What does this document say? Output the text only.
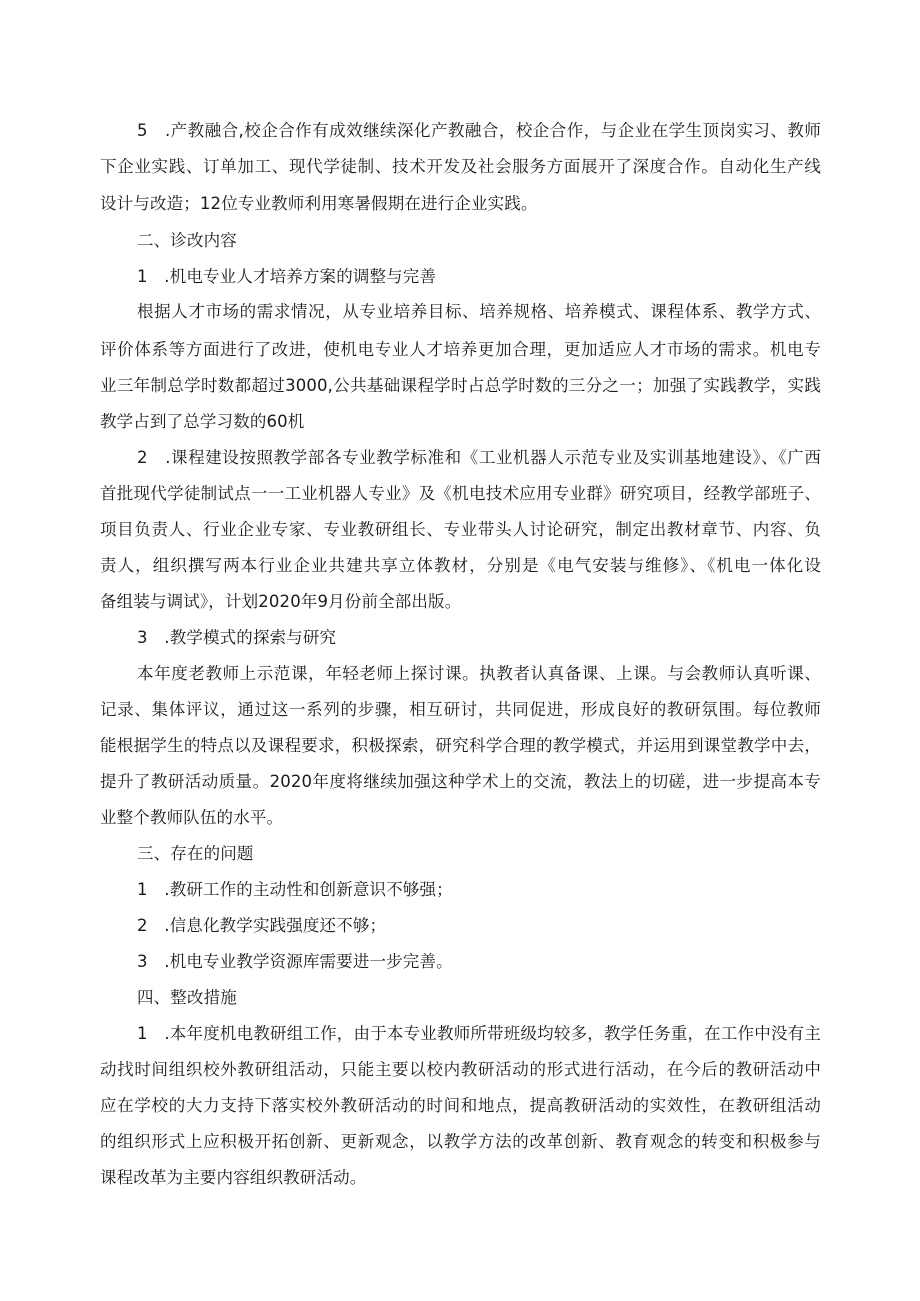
5　.产教融合,校企合作有成效继续深化产教融合，校企合作，与企业在学生顶岗实习、教师
下企业实践、订单加工、现代学徒制、技术开发及社会服务方面展开了深度合作。自动化生产线
设计与改造；12位专业教师利用寒暑假期在进行企业实践。
二、诊改内容
1　.机电专业人才培养方案的调整与完善
根据人才市场的需求情况，从专业培养目标、培养规格、培养模式、课程体系、教学方式、
评价体系等方面进行了改进，使机电专业人才培养更加合理，更加适应人才市场的需求。机电专
业三年制总学时数都超过3000,公共基础课程学时占总学时数的三分之一；加强了实践教学，实践
教学占到了总学习数的60机
2　.课程建设按照教学部各专业教学标准和《工业机器人示范专业及实训基地建设》、《广西
首批现代学徒制试点一一工业机器人专业》及《机电技术应用专业群》研究项目，经教学部班子、
项目负责人、行业企业专家、专业教研组长、专业带头人讨论研究，制定出教材章节、内容、负
责人，组织撰写两本行业企业共建共享立体教材，分别是《电气安装与维修》、《机电一体化设
备组装与调试》，计划2020年9月份前全部出版。
3　.教学模式的探索与研究
本年度老教师上示范课，年轻老师上探讨课。执教者认真备课、上课。与会教师认真听课、
记录、集体评议，通过这一系列的步骤，相互研讨，共同促进，形成良好的教研氛围。每位教师
能根据学生的特点以及课程要求，积极探索，研究科学合理的教学模式，并运用到课堂教学中去，
提升了教研活动质量。2020年度将继续加强这种学术上的交流，教法上的切磋，进一步提高本专
业整个教师队伍的水平。
三、存在的问题
1　.教研工作的主动性和创新意识不够强；
2　.信息化教学实践强度还不够；
3　.机电专业教学资源库需要进一步完善。
四、整改措施
1　.本年度机电教研组工作，由于本专业教师所带班级均较多，教学任务重，在工作中没有主
动找时间组织校外教研组活动，只能主要以校内教研活动的形式进行活动，在今后的教研活动中
应在学校的大力支持下落实校外教研活动的时间和地点，提高教研活动的实效性，在教研组活动
的组织形式上应积极开拓创新、更新观念，以教学方法的改革创新、教育观念的转变和积极参与
课程改革为主要内容组织教研活动。
